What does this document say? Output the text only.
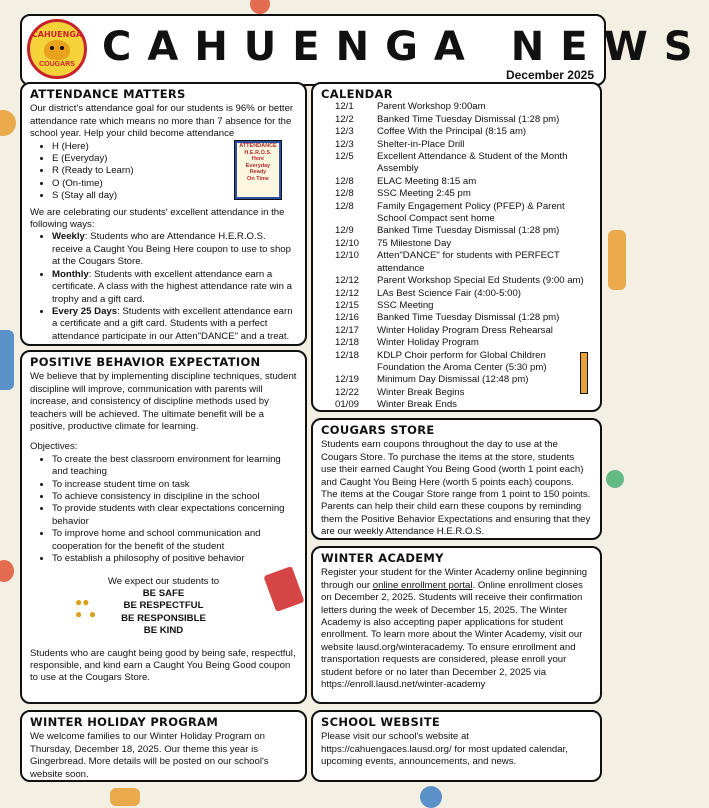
CAHUENGA
COUGARS CAHUENGA NEWS
December 2025
ATTENDANCE MATTERS

Our district's attendance goal for our students is 96% or better attendance rate which means no more than 7 absence for the school year. Help your child become attendance

• H (Here)
• E (Everyday)
• R (Ready to Learn)
• O (On-time)
• S (Stay all day)
ATTENDANCE H.E.R.O.S.
Here
Everyday
Ready
On Time

We are celebrating our students' excellent attendance in the following ways:

• Weekly: Students who are Attendance H.E.R.O.S. receive a Caught You Being Here coupon to use to shop at the Cougars Store.
• Monthly: Students with excellent attendance earn a certificate. A class with the highest attendance rate win a trophy and a gift card.
• Every 25 Days: Students with excellent attendance earn a certificate and a gift card. Students with a perfect attendance participate in our Atten"DANCE" and a treat.
POSITIVE BEHAVIOR EXPECTATION

We believe that by implementing discipline techniques, student discipline will improve, communication with parents will increase, and consistency of discipline methods used by teachers will be achieved. The ultimate benefit will be a positive, productive climate for learning.

Objectives:

• To create the best classroom environment for learning and teaching
• To increase student time on task
• To achieve consistency in discipline in the school
• To provide students with clear expectations concerning behavior
• To improve home and school communication and cooperation for the benefit of the student
• To establish a philosophy of positive behavior
We expect our students to
BE SAFE
BE RESPECTFUL
BE RESPONSIBLE
BE KIND
●●
●  ●

Students who are caught being good by being safe, respectful, responsible, and kind earn a Caught You Being Good coupon to use at the Cougars Store.

CALENDAR
12/1	Parent Workshop 9:00am
12/2	Banked Time Tuesday Dismissal (1:28 pm)
12/3	Coffee With the Principal (8:15 am)
12/3	Shelter-in-Place Drill
12/5	Excellent Attendance & Student of the Month Assembly
12/8	ELAC Meeting 8:15 am
12/8	SSC Meeting 2:45 pm
12/8	Family Engagement Policy (PFEP) & Parent School Compact sent home
12/9	Banked Time Tuesday Dismissal (1:28 pm)
12/10	75 Milestone Day
12/10	Atten"DANCE" for students with PERFECT attendance
12/12	Parent Workshop Special Ed Students (9:00 am)
12/12	LAs Best Science Fair (4:00-5:00)
12/15	SSC Meeting
12/16	Banked Time Tuesday Dismissal (1:28 pm)
12/17	Winter Holiday Program Dress Rehearsal
12/18	Winter Holiday Program
12/18	KDLP Choir perform for Global Children Foundation the Aroma Center (5:30 pm)
12/19	Minimum Day Dismissal (12:48 pm)
12/22	Winter Break Begins
01/09	Winter Break Ends
COUGARS STORE

Students earn coupons throughout the day to use at the Cougars Store. To purchase the items at the store, students use their earned Caught You Being Good (worth 1 point each) and Caught You Being Here (worth 5 points each) coupons. The items at the Cougar Store range from 1 point to 150 points. Parents can help their child earn these coupons by reminding them the Positive Behavior Expectations and ensuring that they are our weekly Attendance H.E.R.O.S.

WINTER ACADEMY

Register your student for the Winter Academy online beginning through our online enrollment portal. Online enrollment closes on December 2, 2025. Students will receive their confirmation letters during the week of December 15, 2025. The Winter Academy is also accepting paper applications for student enrollment. To learn more about the Winter Academy, visit our website lausd.org/winteracademy. To ensure enrollment and transportation requests are considered, please enroll your student before or no later than December 2, 2025 via https://enroll.lausd.net/winter-academy

WINTER HOLIDAY PROGRAM

We welcome families to our Winter Holiday Program on Thursday, December 18, 2025. Our theme this year is Gingerbread. More details will be posted on our school's website soon.

SCHOOL WEBSITE

Please visit our school's website at https://cahuengaces.lausd.org/ for most updated calendar, upcoming events, announcements, and news.
